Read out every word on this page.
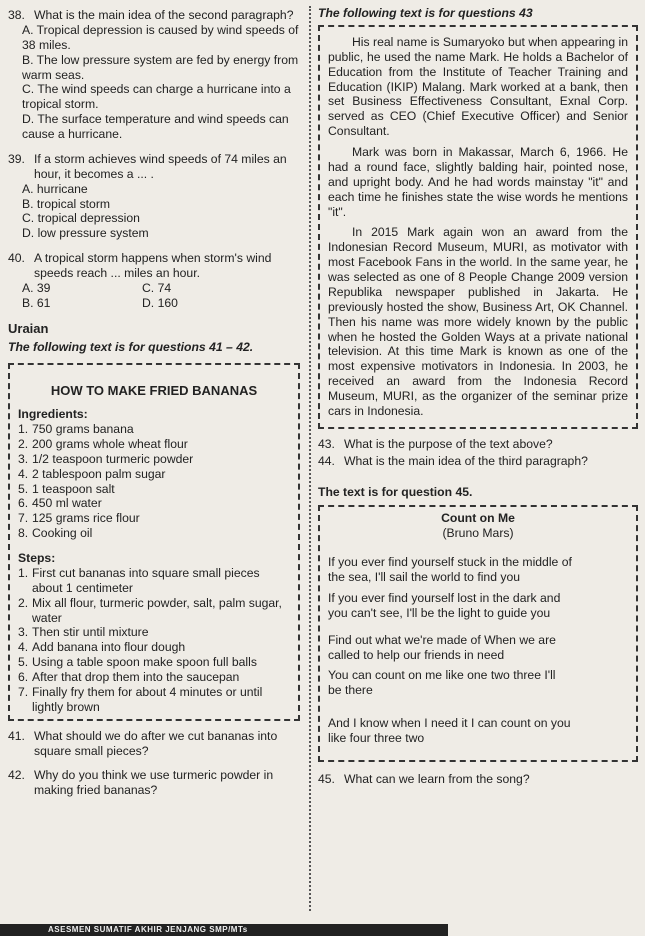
38. What is the main idea of the second paragraph?
A. Tropical depression is caused by wind speeds of 38 miles.
B. The low pressure system are fed by energy from warm seas.
C. The wind speeds can charge a hurricane into a tropical storm.
D. The surface temperature and wind speeds can cause a hurricane.
39. If a storm achieves wind speeds of 74 miles an hour, it becomes a ... .
A. hurricane
B. tropical storm
C. tropical depression
D. low pressure system
40. A tropical storm happens when storm's wind speeds reach ... miles an hour.
A. 39	C. 74
B. 61	D. 160
Uraian
The following text is for questions 41 – 42.
HOW TO MAKE FRIED BANANAS
Ingredients:
1. 750 grams banana
2. 200 grams whole wheat flour
3. 1/2 teaspoon turmeric powder
4. 2 tablespoon palm sugar
5. 1 teaspoon salt
6. 450 ml water
7. 125 grams rice flour
8. Cooking oil
Steps:
1. First cut bananas into square small pieces about 1 centimeter
2. Mix all flour, turmeric powder, salt, palm sugar, water
3. Then stir until mixture
4. Add banana into flour dough
5. Using a table spoon make spoon full balls
6. After that drop them into the saucepan
7. Finally fry them for about 4 minutes or until lightly brown
41. What should we do after we cut bananas into square small pieces?
42. Why do you think we use turmeric powder in making fried bananas?
The following text is for questions 43
His real name is Sumaryoko but when appearing in public, he used the name Mark. He holds a Bachelor of Education from the Institute of Teacher Training and Education (IKIP) Malang. Mark worked at a bank, then set Business Effectiveness Consultant, Exnal Corp. served as CEO (Chief Executive Officer) and Senior Consultant.
Mark was born in Makassar, March 6, 1966. He had a round face, slightly balding hair, pointed nose, and upright body. And he had words mainstay "it" and each time he finishes state the wise words he mentions "it".
In 2015 Mark again won an award from the Indonesian Record Museum, MURI, as motivator with most Facebook Fans in the world. In the same year, he was selected as one of 8 People Change 2009 version Republika newspaper published in Jakarta. He previously hosted the show, Business Art, OK Channel. Then his name was more widely known by the public when he hosted the Golden Ways at a private national television. At this time Mark is known as one of the most expensive motivators in Indonesia. In 2003, he received an award from the Indonesia Record Museum, MURI, as the organizer of the seminar prize cars in Indonesia.
43. What is the purpose of the text above?
44. What is the main idea of the third paragraph?
The text is for question 45.
Count on Me
(Bruno Mars)
If you ever find yourself stuck in the middle of
the sea, I'll sail the world to find you
If you ever find yourself lost in the dark and
you can't see, I'll be the light to guide you
Find out what we're made of When we are
called to help our friends in need
You can count on me like one two three I'll
be there
And I know when I need it I can count on you
like four three two
45. What can we learn from the song?
ASESMEN SUMATIF AKHIR JENJANG SMP/MTs
